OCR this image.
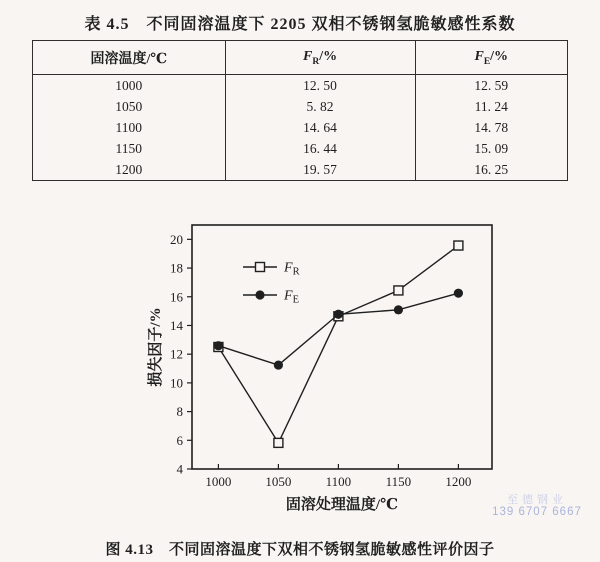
表 4.5　不同固溶温度下 2205 双相不锈钢氢脆敏感性系数
固溶温度/℃	$F_R/\%$	$F_E/\%$
1000	12. 50	12. 59
1050	5. 82	11. 24
1100	14. 64	14. 78
1150	16. 44	15. 09
1200	19. 57	16. 25
4
6
8
10
12
14
16
18
20
1000	1050	1100	1150	1200
$F_R$
$F_E$
固溶处理温度/℃
损失因子/%
图 4.13　不同固溶温度下双相不锈钢氢脆敏感性评价因子
至德钢业
139 6707 6667
